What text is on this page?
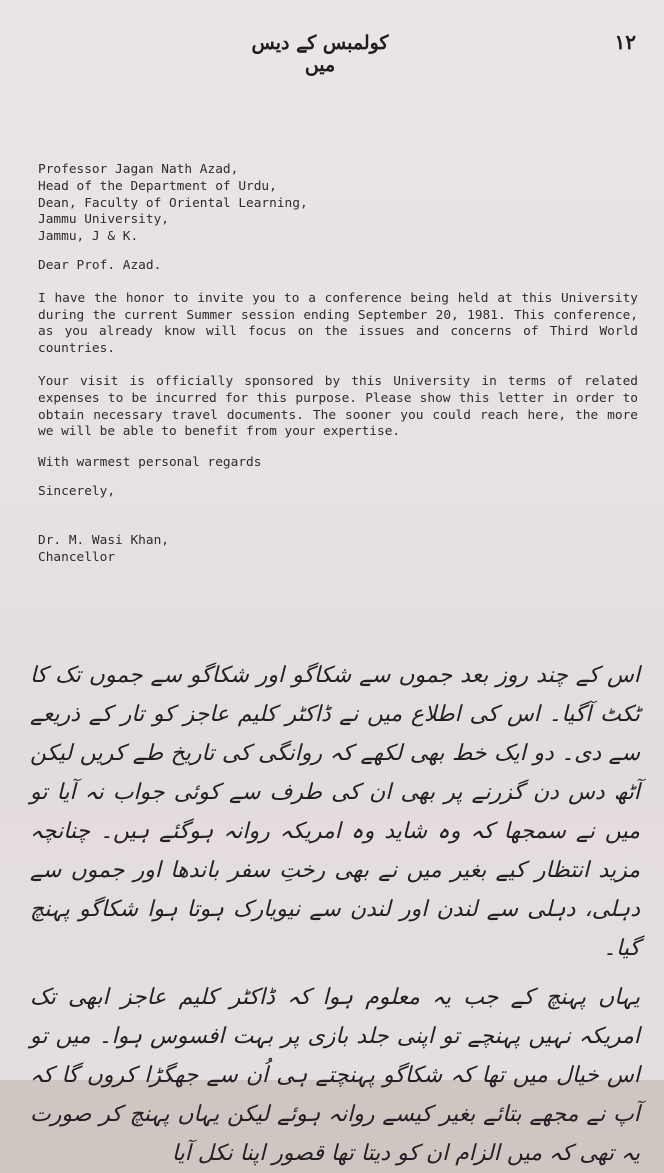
کولمبس کے دیس میں
۱۲

Professor Jagan Nath Azad,
Head of the Department of Urdu,
Dean, Faculty of Oriental Learning,
Jammu University,
Jammu, J & K.

Dear Prof. Azad.

I have the honor to invite you to a conference being held at this University during the current Summer session ending September 20, 1981. This conference, as you already know will focus on the issues and concerns of Third World countries.

Your visit is officially sponsored by this University in terms of related expenses to be incurred for this purpose. Please show this letter in order to obtain necessary travel documents. The sooner you could reach here, the more we will be able to benefit from your expertise.

With warmest personal regards

Sincerely,

Dr. M. Wasi Khan,

Chancellor

اس کے چند روز بعد جموں سے شکاگو اور شکاگو سے جموں تک کا ٹکٹ آگیا۔ اس کی اطلاع میں نے ڈاکٹر کلیم عاجز کو تار کے ذریعے سے دی۔ دو ایک خط بھی لکھے کہ روانگی کی تاریخ طے کریں لیکن آٹھ دس دن گزرنے پر بھی ان کی طرف سے کوئی جواب نہ آیا تو میں نے سمجھا کہ وہ شاید وہ امریکہ روانہ ہوگئے ہیں۔ چنانچہ مزید انتظار کیے بغیر میں نے بھی رختِ سفر باندھا اور جموں سے دہلی، دہلی سے لندن اور لندن سے نیویارک ہوتا ہوا شکاگو پہنچ گیا۔

یہاں پہنچ کے جب یہ معلوم ہوا کہ ڈاکٹر کلیم عاجز ابھی تک امریکہ نہیں پہنچے تو اپنی جلد بازی پر بہت افسوس ہوا۔ میں تو اس خیال میں تھا کہ شکاگو پہنچتے ہی اُن سے جھگڑا کروں گا کہ آپ نے مجھے بتائے بغیر کیسے روانہ ہوئے لیکن یہاں پہنچ کر صورت یہ تھی کہ میں الزام ان کو دیتا تھا قصور اپنا نکل آیا
